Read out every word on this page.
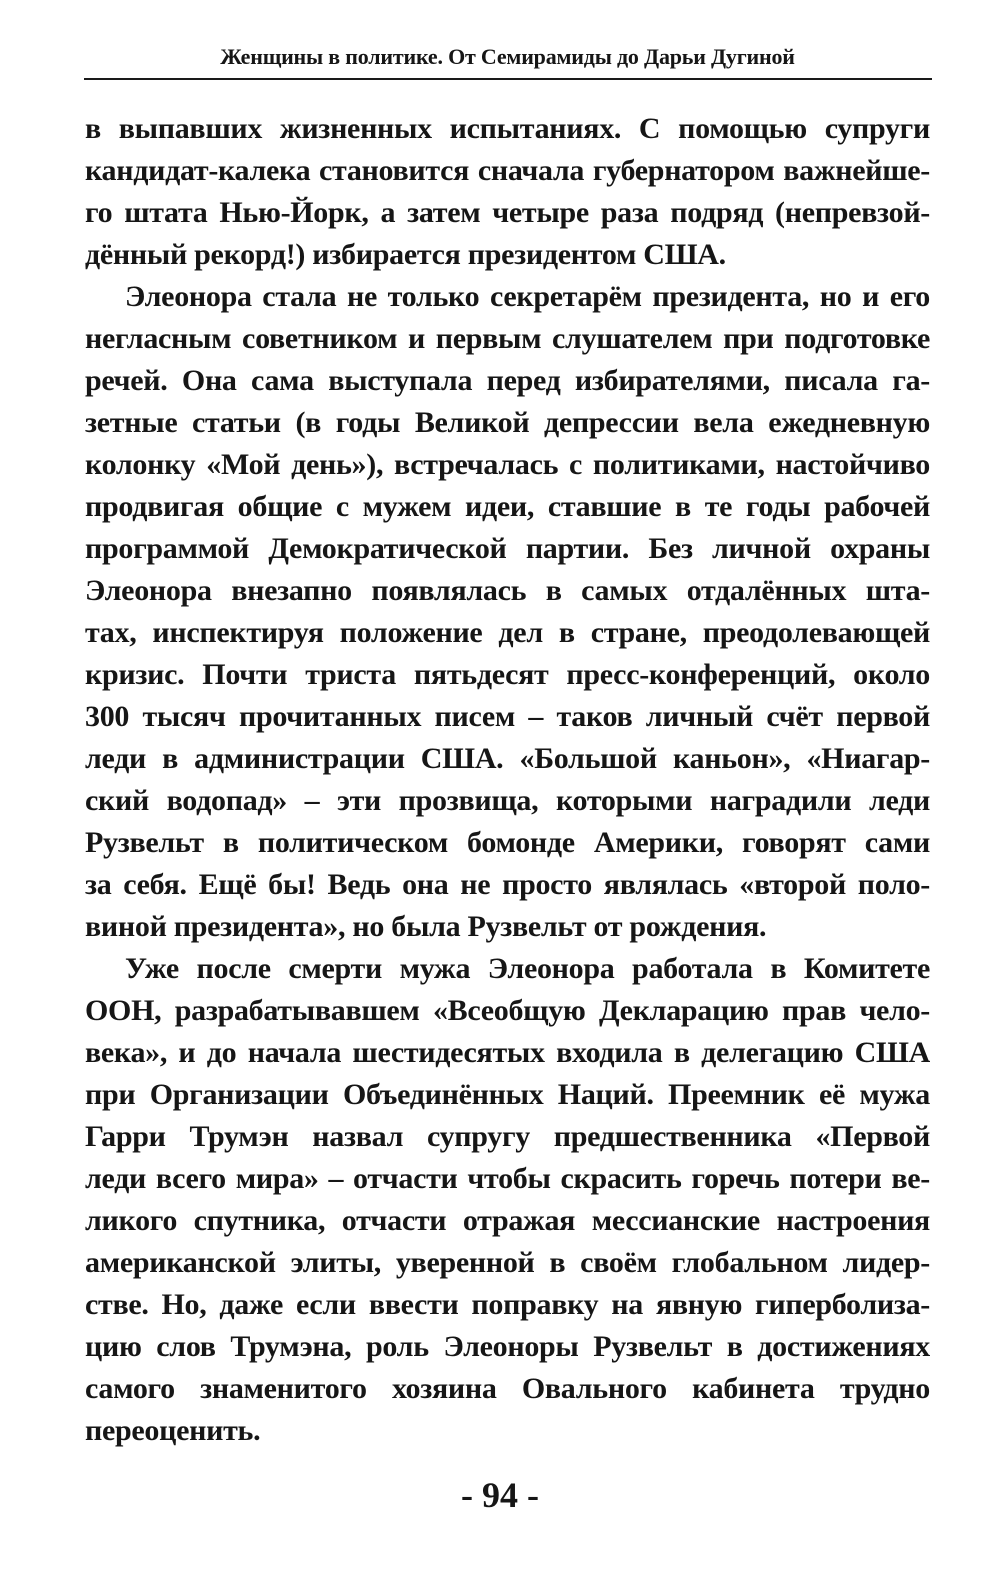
Женщины в политике. От Семирамиды до Дарьи Дугиной
в выпавших жизненных испытаниях. С помощью супруги
кандидат-калека становится сначала губернатором важнейше-
го штата Нью-Йорк, а затем четыре раза подряд (непревзой-
дённый рекорд!) избирается президентом США.
Элеонора стала не только секретарём президента, но и его
негласным советником и первым слушателем при подготовке
речей. Она сама выступала перед избирателями, писала га-
зетные статьи (в годы Великой депрессии вела ежедневную
колонку «Мой день»), встречалась с политиками, настойчиво
продвигая общие с мужем идеи, ставшие в те годы рабочей
программой Демократической партии. Без личной охраны
Элеонора внезапно появлялась в самых отдалённых шта-
тах, инспектируя положение дел в стране, преодолевающей
кризис. Почти триста пятьдесят пресс-конференций, около
300 тысяч прочитанных писем – таков личный счёт первой
леди в администрации США. «Большой каньон», «Ниагар-
ский водопад» – эти прозвища, которыми наградили леди
Рузвельт в политическом бомонде Америки, говорят сами
за себя. Ещё бы! Ведь она не просто являлась «второй поло-
виной президента», но была Рузвельт от рождения.
Уже после смерти мужа Элеонора работала в Комитете
ООН, разрабатывавшем «Всеобщую Декларацию прав чело-
века», и до начала шестидесятых входила в делегацию США
при Организации Объединённых Наций. Преемник её мужа
Гарри Трумэн назвал супругу предшественника «Первой
леди всего мира» – отчасти чтобы скрасить горечь потери ве-
ликого спутника, отчасти отражая мессианские настроения
американской элиты, уверенной в своём глобальном лидер-
стве. Но, даже если ввести поправку на явную гиперболиза-
цию слов Трумэна, роль Элеоноры Рузвельт в достижениях
самого знаменитого хозяина Овального кабинета трудно
переоценить.
- 94 -
